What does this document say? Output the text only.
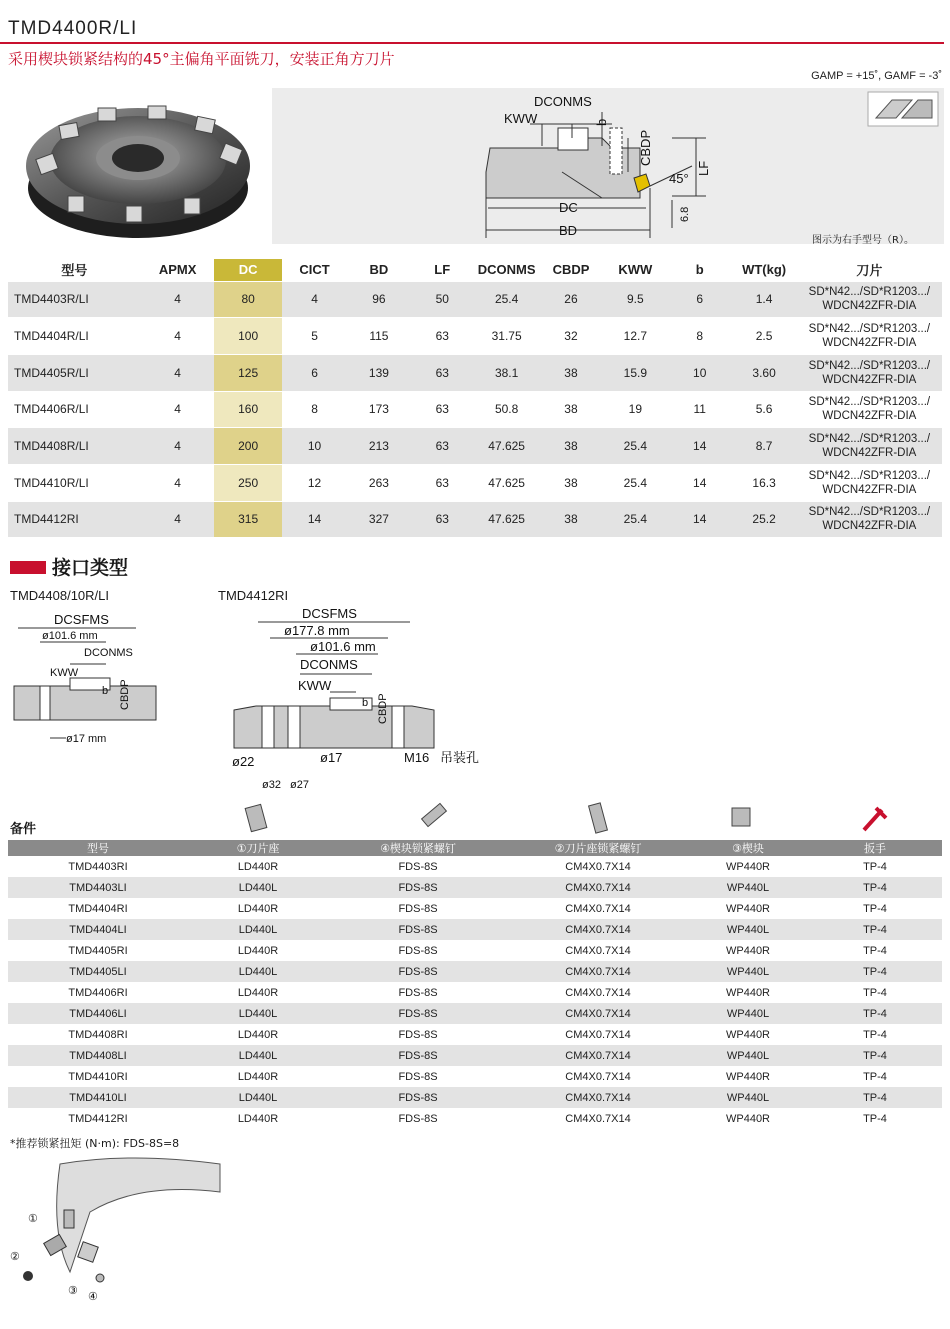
TMD4400R/LI
采用楔块锁紧结构的45°主偏角平面铣刀，安装正角方刀片
GAMP = +15˚, GAMF = -3˚
DCONMS
KWW	b
CBDP
LF
45°
DC
BD
6.8
图示为右手型号（R）。
型号	APMX	DC	CICT	BD	LF	DCONMS	CBDP	KWW	b	WT(kg)	刀片
TMD4403R/LI	4	80	4	96	50	25.4	26	9.5	6	1.4	SD*N42.../SD*R1203.../
WDCN42ZFR-DIA

TMD4404R/LI	4	100	5	115	63	31.75	32	12.7	8	2.5	SD*N42.../SD*R1203.../
WDCN42ZFR-DIA

TMD4405R/LI	4	125	6	139	63	38.1	38	15.9	10	3.60	SD*N42.../SD*R1203.../
WDCN42ZFR-DIA

TMD4406R/LI	4	160	8	173	63	50.8	38	19	11	5.6	SD*N42.../SD*R1203.../
WDCN42ZFR-DIA

TMD4408R/LI	4	200	10	213	63	47.625	38	25.4	14	8.7	SD*N42.../SD*R1203.../
WDCN42ZFR-DIA

TMD4410R/LI	4	250	12	263	63	47.625	38	25.4	14	16.3	SD*N42.../SD*R1203.../
WDCN42ZFR-DIA

TMD4412RI	4	315	14	327	63	47.625	38	25.4	14	25.2	SD*N42.../SD*R1203.../
WDCN42ZFR-DIA
接口类型
TMD4408/10R/LI	TMD4412RI
DCSFMS
ø101.6 mm
DCONMS
KWW
b CBDP
ø17 mm
DCSFMS
ø177.8 mm
ø101.6 mm
DCONMS
KWW
b CBDP
ø22	ø17
ø32 ø27
M16 吊装孔
备件
型号	①刀片座	④楔块锁紧螺钉	②刀片座锁紧螺钉	③楔块	扳手
TMD4403RI	LD440R	FDS-8S	CM4X0.7X14	WP440R	TP-4
TMD4403LI	LD440L	FDS-8S	CM4X0.7X14	WP440L	TP-4
TMD4404RI	LD440R	FDS-8S	CM4X0.7X14	WP440R	TP-4
TMD4404LI	LD440L	FDS-8S	CM4X0.7X14	WP440L	TP-4
TMD4405RI	LD440R	FDS-8S	CM4X0.7X14	WP440R	TP-4
TMD4405LI	LD440L	FDS-8S	CM4X0.7X14	WP440L	TP-4
TMD4406RI	LD440R	FDS-8S	CM4X0.7X14	WP440R	TP-4
TMD4406LI	LD440L	FDS-8S	CM4X0.7X14	WP440L	TP-4
TMD4408RI	LD440R	FDS-8S	CM4X0.7X14	WP440R	TP-4
TMD4408LI	LD440L	FDS-8S	CM4X0.7X14	WP440L	TP-4
TMD4410RI	LD440R	FDS-8S	CM4X0.7X14	WP440R	TP-4
TMD4410LI	LD440L	FDS-8S	CM4X0.7X14	WP440L	TP-4
TMD4412RI	LD440R	FDS-8S	CM4X0.7X14	WP440R	TP-4
*推荐锁紧扭矩 (N·m): FDS-8S=8
①
②
③ ④
